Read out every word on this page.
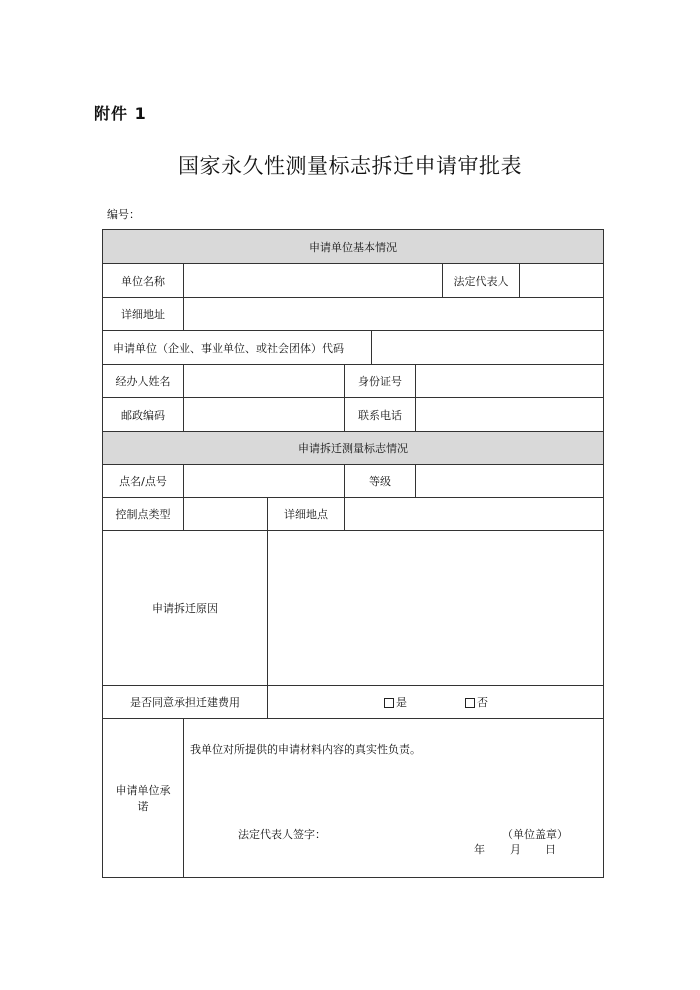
附件 1
国家永久性测量标志拆迁申请审批表
编号：
申请单位基本情况
单位名称	法定代表人
详细地址
申请单位（企业、事业单位、或社会团体）代码
经办人姓名	身份证号
邮政编码	联系电话
申请拆迁测量标志情况
点名/点号	等级
控制点类型	详细地点
申请拆迁原因
是否同意承担迁建费用	是	否
申请单位承
诺
我单位对所提供的申请材料内容的真实性负责。
法定代表人签字：	（单位盖章）
年 月 日
